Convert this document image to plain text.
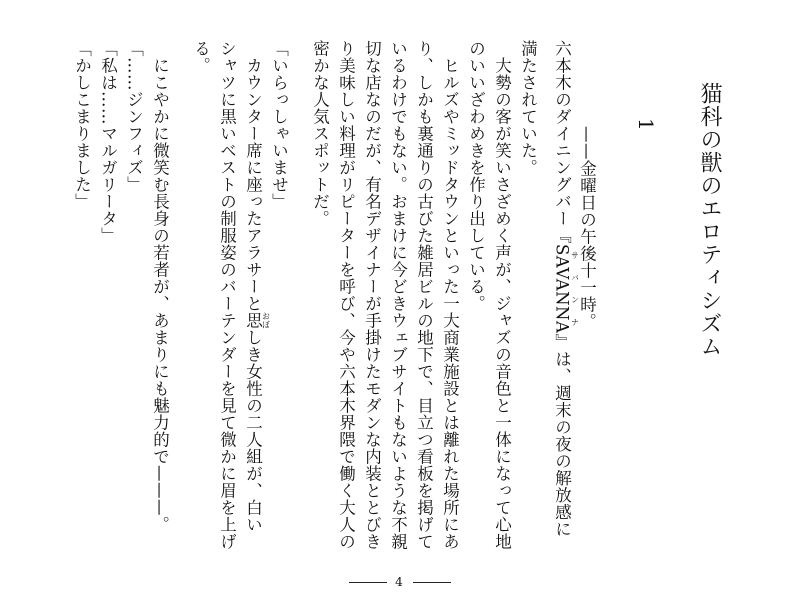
猫科の獣のエロティシズム
1
——金曜日の午後十一時。
六本木のダイニングバー『SAVANNA サバンナ』は、週末の夜の解放感に
満たされていた。
　大勢の客が笑いさざめく声が、ジャズの音色と一体になって心地
のいいざわめきを作り出している。
　ヒルズやミッドタウンといった一大商業施設とは離れた場所にあ
り、しかも裏通りの古びた雑居ビルの地下で、目立つ看板を掲げて
いるわけでもない。おまけに今どきウェブサイトもないような不親
切な店なのだが、有名デザイナーが手掛けたモダンな内装ととびき
り美味しい料理がリピーターを呼び、今や六本木界隈で働く大人の
密かな人気スポットだ。
「いらっしゃいませ」
　カウンター席に座ったアラサーと思 おぼしき女性の二人組が、白い
シャツに黒いベストの制服姿のバーテンダーを見て微かに眉を上げ
る。
　にこやかに微笑む長身の若者が、あまりにも魅力的で———。
「……ジンフィズ」
「私は……マルガリータ」
「かしこまりました」
4
